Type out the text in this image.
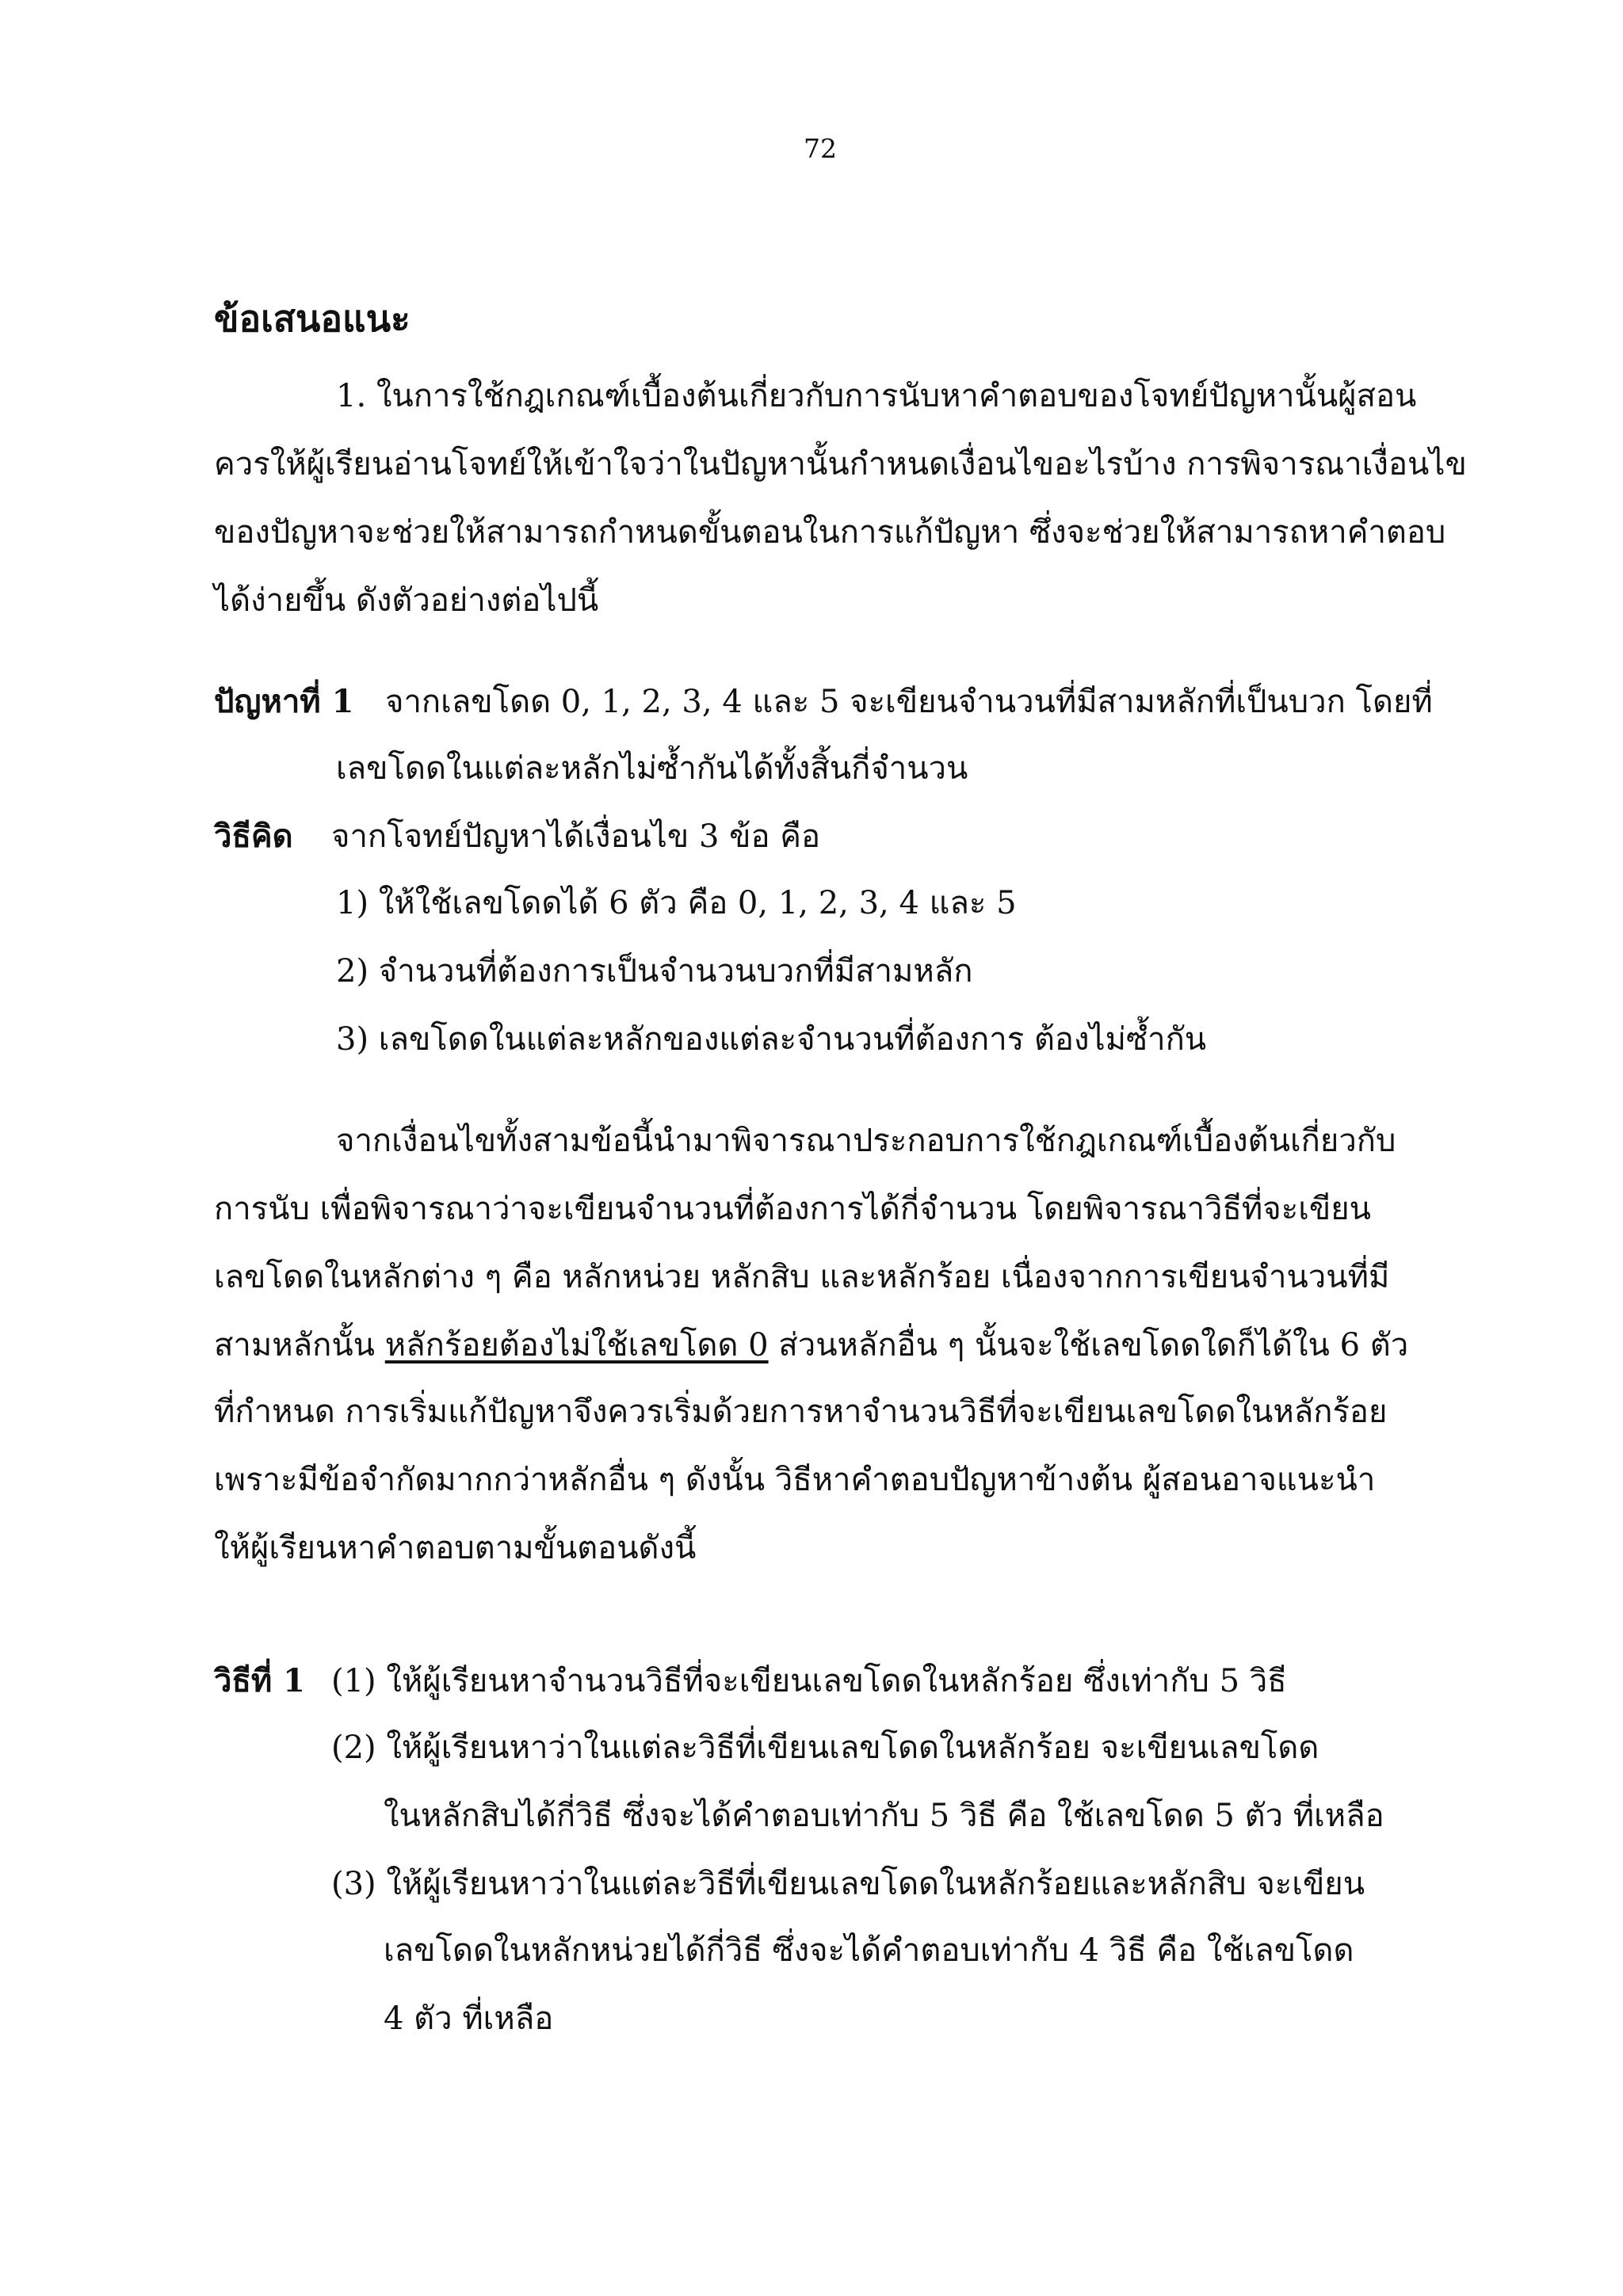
72

ข้อเสนอแนะ

1. ในการใช้กฎเกณฑ์เบื้องต้นเกี่ยวกับการนับหาคำตอบของโจทย์ปัญหานั้นผู้สอน

ควรให้ผู้เรียนอ่านโจทย์ให้เข้าใจว่าในปัญหานั้นกำหนดเงื่อนไขอะไรบ้าง การพิจารณาเงื่อนไข

ของปัญหาจะช่วยให้สามารถกำหนดขั้นตอนในการแก้ปัญหา ซึ่งจะช่วยให้สามารถหาคำตอบ

ได้ง่ายขึ้น ดังตัวอย่างต่อไปนี้

ปัญหาที่ 1 จากเลขโดด 0, 1, 2, 3, 4 และ 5 จะเขียนจำนวนที่มีสามหลักที่เป็นบวก โดยที่

เลขโดดในแต่ละหลักไม่ซ้ำกันได้ทั้งสิ้นกี่จำนวน

วิธีคิด จากโจทย์ปัญหาได้เงื่อนไข 3 ข้อ คือ

1) ให้ใช้เลขโดดได้ 6 ตัว คือ 0, 1, 2, 3, 4 และ 5

2) จำนวนที่ต้องการเป็นจำนวนบวกที่มีสามหลัก

3) เลขโดดในแต่ละหลักของแต่ละจำนวนที่ต้องการ ต้องไม่ซ้ำกัน

จากเงื่อนไขทั้งสามข้อนี้นำมาพิจารณาประกอบการใช้กฎเกณฑ์เบื้องต้นเกี่ยวกับ

การนับ เพื่อพิจารณาว่าจะเขียนจำนวนที่ต้องการได้กี่จำนวน โดยพิจารณาวิธีที่จะเขียน

เลขโดดในหลักต่าง ๆ คือ หลักหน่วย หลักสิบ และหลักร้อย เนื่องจากการเขียนจำนวนที่มี

สามหลักนั้น หลักร้อยต้องไม่ใช้เลขโดด 0 ส่วนหลักอื่น ๆ นั้นจะใช้เลขโดดใดก็ได้ใน 6 ตัว

ที่กำหนด การเริ่มแก้ปัญหาจึงควรเริ่มด้วยการหาจำนวนวิธีที่จะเขียนเลขโดดในหลักร้อย

เพราะมีข้อจำกัดมากกว่าหลักอื่น ๆ ดังนั้น วิธีหาคำตอบปัญหาข้างต้น ผู้สอนอาจแนะนำ

ให้ผู้เรียนหาคำตอบตามขั้นตอนดังนี้

วิธีที่ 1 (1) ให้ผู้เรียนหาจำนวนวิธีที่จะเขียนเลขโดดในหลักร้อย ซึ่งเท่ากับ 5 วิธี

(2) ให้ผู้เรียนหาว่าในแต่ละวิธีที่เขียนเลขโดดในหลักร้อย จะเขียนเลขโดด

ในหลักสิบได้กี่วิธี ซึ่งจะได้คำตอบเท่ากับ 5 วิธี คือ ใช้เลขโดด 5 ตัว ที่เหลือ

(3) ให้ผู้เรียนหาว่าในแต่ละวิธีที่เขียนเลขโดดในหลักร้อยและหลักสิบ จะเขียน

เลขโดดในหลักหน่วยได้กี่วิธี ซึ่งจะได้คำตอบเท่ากับ 4 วิธี คือ ใช้เลขโดด

4 ตัว ที่เหลือ
